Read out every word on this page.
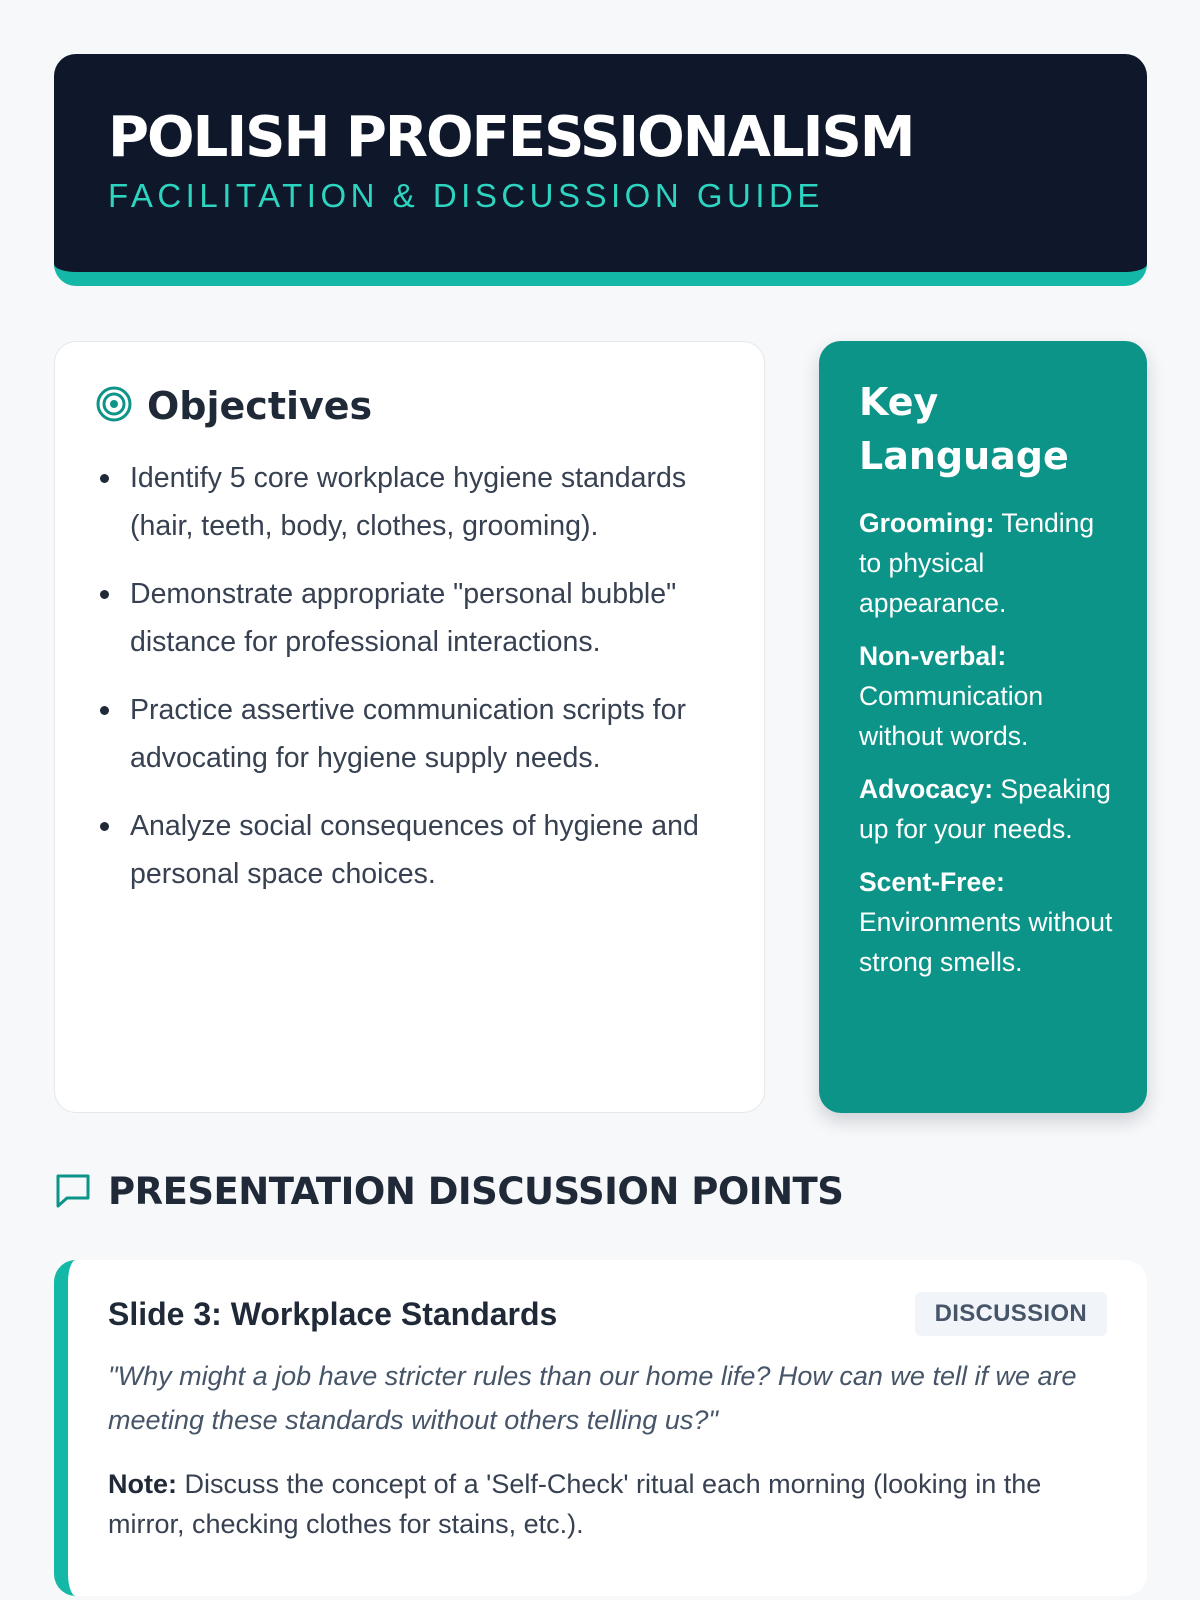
POLISH PROFESSIONALISM
FACILITATION & DISCUSSION GUIDE
Objectives
Identify 5 core workplace hygiene standards (hair, teeth, body, clothes, grooming).
Demonstrate appropriate "personal bubble" distance for professional interactions.
Practice assertive communication scripts for advocating for hygiene supply needs.
Analyze social consequences of hygiene and personal space choices.
Key Language
Grooming: Tending to physical appearance.
Non-verbal: Communication without words.
Advocacy: Speaking up for your needs.
Scent-Free: Environments without strong smells.
PRESENTATION DISCUSSION POINTS
Slide 3: Workplace Standards	DISCUSSION
"Why might a job have stricter rules than our home life? How can we tell if we are meeting these standards without others telling us?"
Note: Discuss the concept of a 'Self-Check' ritual each morning (looking in the mirror, checking clothes for stains, etc.).
